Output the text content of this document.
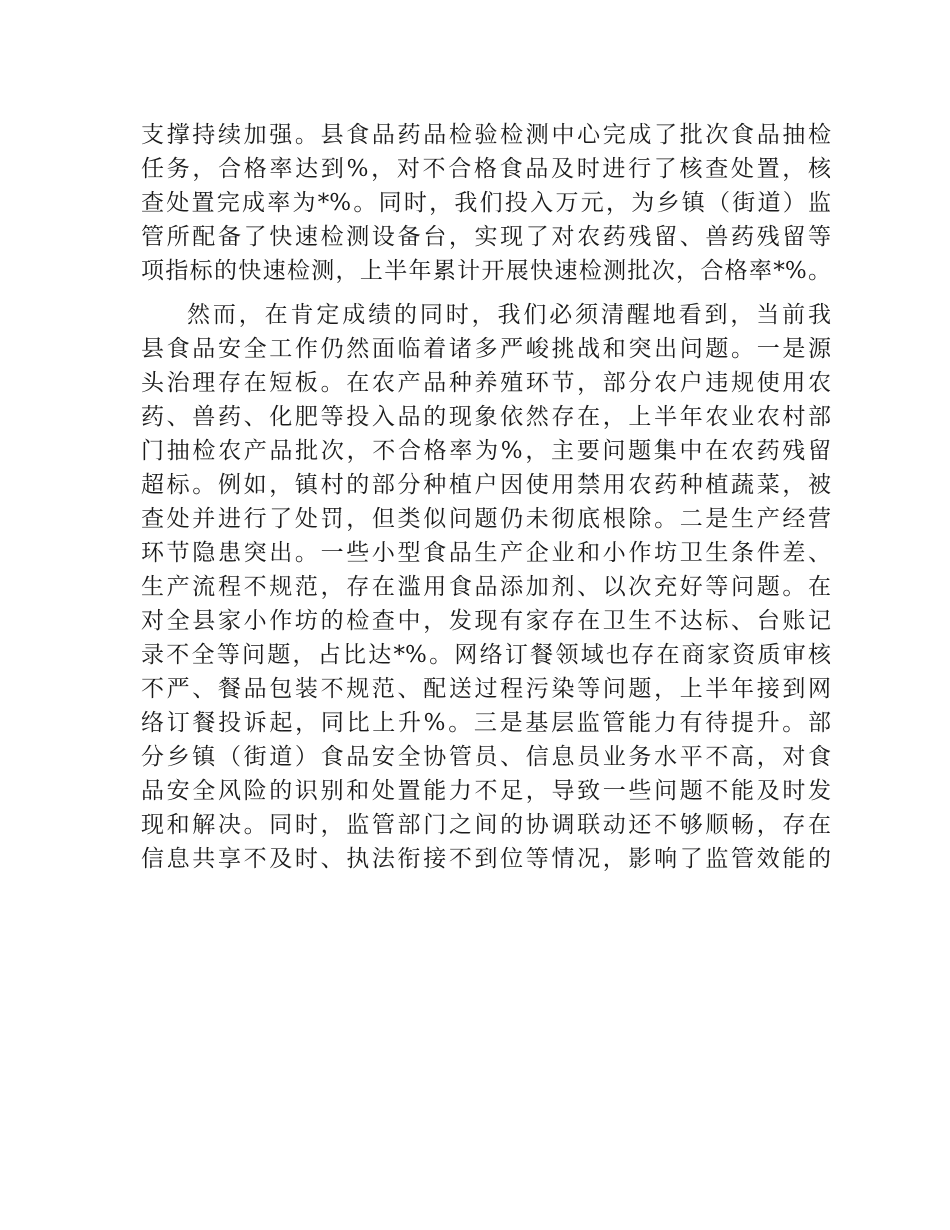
支撑持续加强。县食品药品检验检测中心完成了批次食品抽检
任务，合格率达到%，对不合格食品及时进行了核查处置，核
查处置完成率为*%。同时，我们投入万元，为乡镇（街道）监
管所配备了快速检测设备台，实现了对农药残留、兽药残留等
项指标的快速检测，上半年累计开展快速检测批次，合格率*%。
然而，在肯定成绩的同时，我们必须清醒地看到，当前我
县食品安全工作仍然面临着诸多严峻挑战和突出问题。一是源
头治理存在短板。在农产品种养殖环节，部分农户违规使用农
药、兽药、化肥等投入品的现象依然存在，上半年农业农村部
门抽检农产品批次，不合格率为%，主要问题集中在农药残留
超标。例如，镇村的部分种植户因使用禁用农药种植蔬菜，被
查处并进行了处罚，但类似问题仍未彻底根除。二是生产经营
环节隐患突出。一些小型食品生产企业和小作坊卫生条件差、
生产流程不规范，存在滥用食品添加剂、以次充好等问题。在
对全县家小作坊的检查中，发现有家存在卫生不达标、台账记
录不全等问题，占比达*%。网络订餐领域也存在商家资质审核
不严、餐品包装不规范、配送过程污染等问题，上半年接到网
络订餐投诉起，同比上升%。三是基层监管能力有待提升。部
分乡镇（街道）食品安全协管员、信息员业务水平不高，对食
品安全风险的识别和处置能力不足，导致一些问题不能及时发
现和解决。同时，监管部门之间的协调联动还不够顺畅，存在
信息共享不及时、执法衔接不到位等情况，影响了监管效能的
